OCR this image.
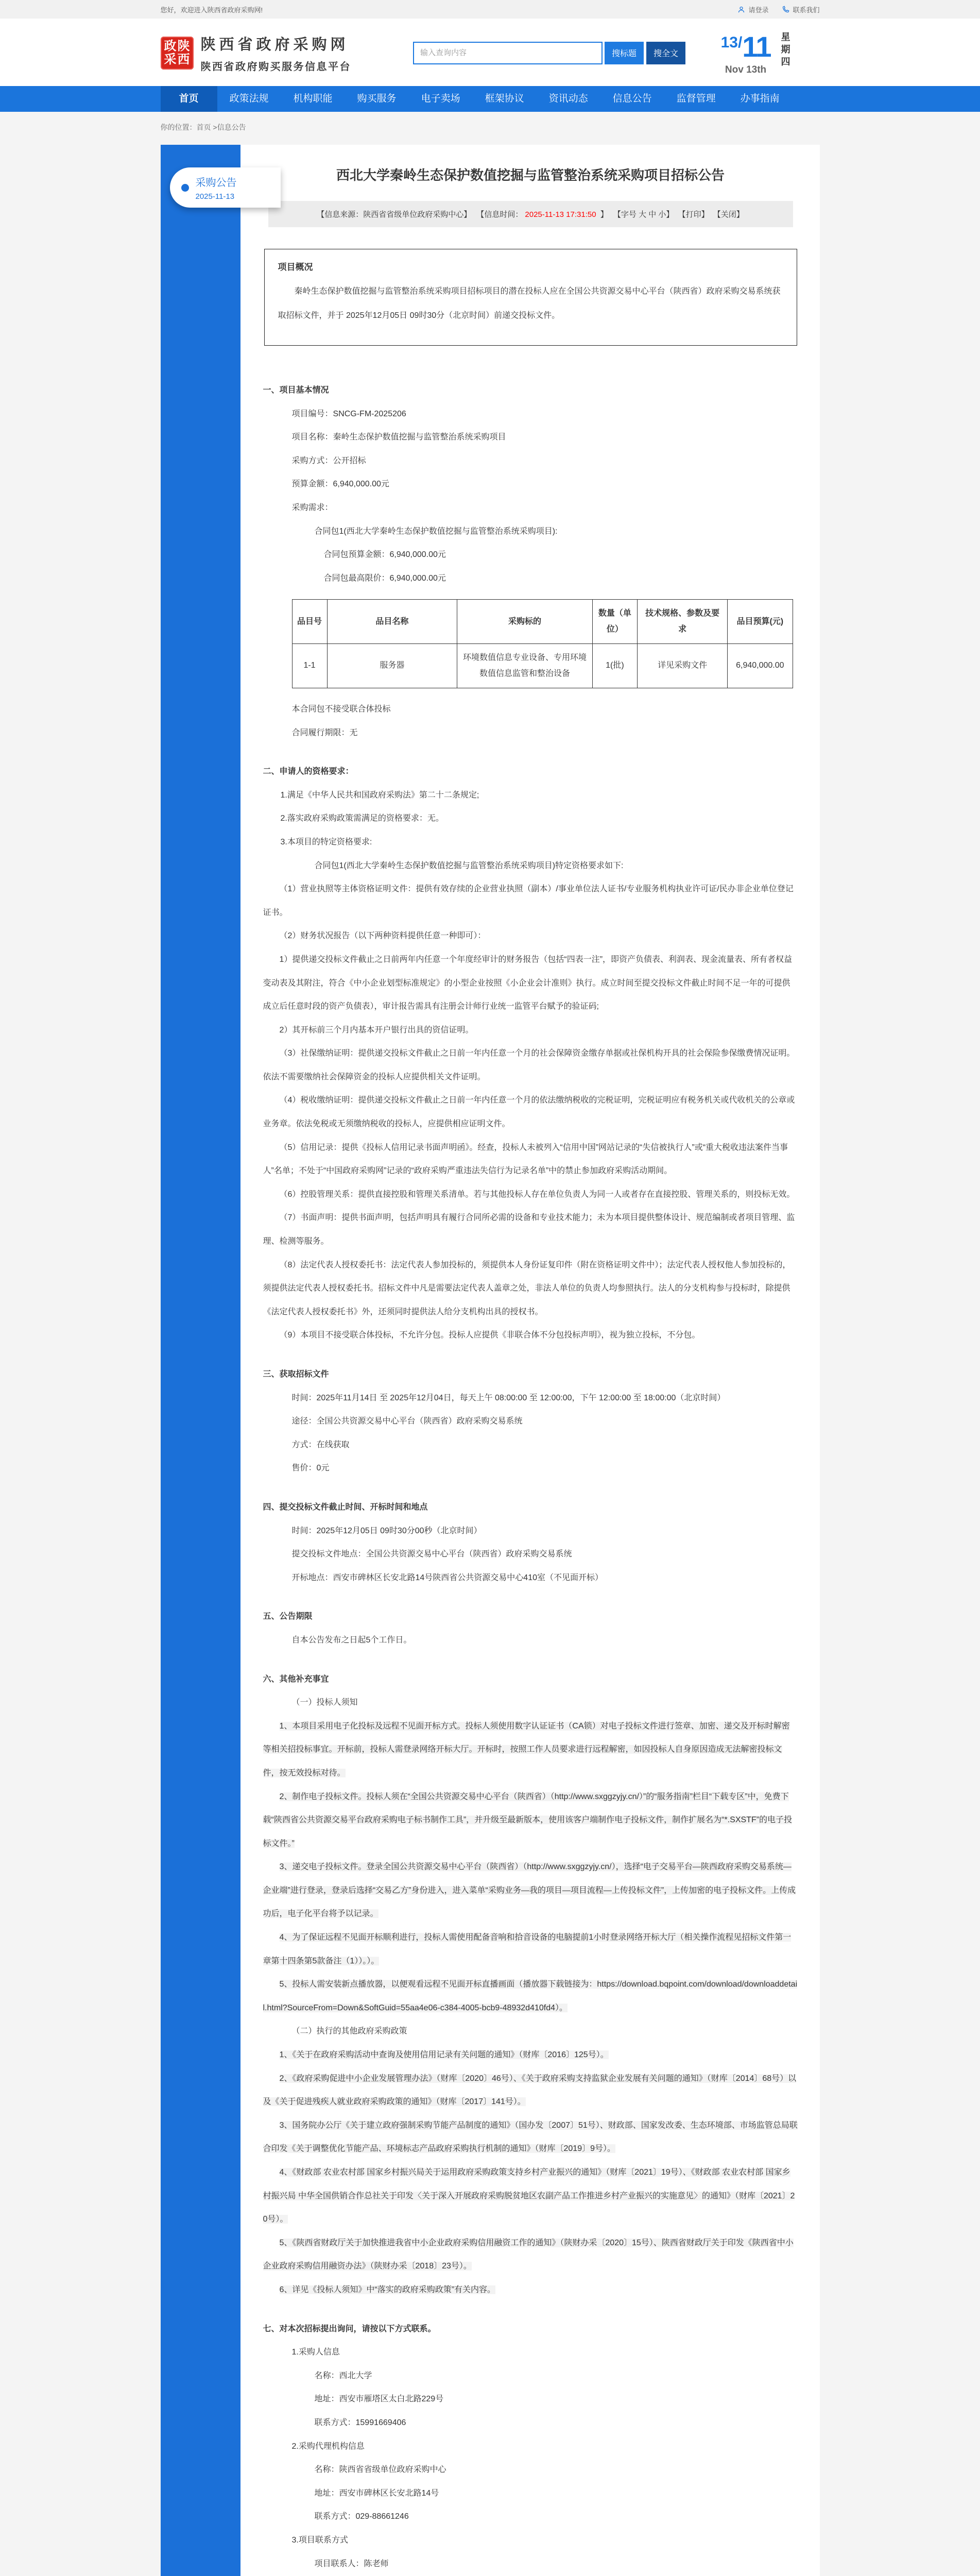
您好，欢迎进入陕西省政府采购网!	请登录	联系我们
政 陕
采 西
陕西省政府采购网
陕西省政府购买服务信息平台
输入查询内容
搜标题	搜全文
13/11
Nov 13th
星期四
首页	政策法规	机构职能	购买服务	电子卖场	框架协议	资讯动态	信息公告	监督管理	办事指南
你的位置：首页 >信息公告
采购公告
2025-11-13
西北大学秦岭生态保护数值挖掘与监管整治系统采购项目招标公告
【信息来源：陕西省省级单位政府采购中心】 【信息时间： 2025-11-13 17:31:50 】 【字号 大 中 小】 【打印】 【关闭】
项目概况

秦岭生态保护数值挖掘与监管整治系统采购项目招标项目的潜在投标人应在全国公共资源交易中心平台（陕西省）政府采购交易系统获取招标文件，并于 2025年12月05日 09时30分（北京时间）前递交投标文件。

一、项目基本情况

项目编号：SNCG-FM-2025206

项目名称：秦岭生态保护数值挖掘与监管整治系统采购项目

采购方式：公开招标

预算金额：6,940,000.00元

采购需求：

合同包1(西北大学秦岭生态保护数值挖掘与监管整治系统采购项目):

合同包预算金额：6,940,000.00元

合同包最高限价：6,940,000.00元

品目号	品目名称	采购标的	数量（单位）	技术规格、参数及要求	品目预算(元)
1-1	服务器	环境数值信息专业设备、专用环境数值信息监管和整治设备	1(批)	详见采购文件	6,940,000.00

本合同包不接受联合体投标

合同履行期限：无

二、申请人的资格要求：

1.满足《中华人民共和国政府采购法》第二十二条规定;

2.落实政府采购政策需满足的资格要求：无。

3.本项目的特定资格要求:

合同包1(西北大学秦岭生态保护数值挖掘与监管整治系统采购项目)特定资格要求如下:

（1）营业执照等主体资格证明文件：提供有效存续的企业营业执照（副本）/事业单位法人证书/专业服务机构执业许可证/民办非企业单位登记证书。

（2）财务状况报告（以下两种资料提供任意一种即可）：

1）提供递交投标文件截止之日前两年内任意一个年度经审计的财务报告（包括“四表一注”，即资产负债表、利润表、现金流量表、所有者权益变动表及其附注，符合《中小企业划型标准规定》的小型企业按照《小企业会计准则》执行。成立时间至提交投标文件截止时间不足一年的可提供成立后任意时段的资产负债表），审计报告需具有注册会计师行业统一监管平台赋予的验证码;

2）其开标前三个月内基本开户银行出具的资信证明。

（3）社保缴纳证明：提供递交投标文件截止之日前一年内任意一个月的社会保障资金缴存单据或社保机构开具的社会保险参保缴费情况证明。依法不需要缴纳社会保障资金的投标人应提供相关文件证明。

（4）税收缴纳证明：提供递交投标文件截止之日前一年内任意一个月的依法缴纳税收的完税证明，完税证明应有税务机关或代收机关的公章或业务章。依法免税或无须缴纳税收的投标人，应提供相应证明文件。

（5）信用记录：提供《投标人信用记录书面声明函》。经查，投标人未被列入“信用中国”网站记录的“失信被执行人”或“重大税收违法案件当事人”名单；不处于“中国政府采购网”记录的“政府采购严重违法失信行为记录名单”中的禁止参加政府采购活动期间。

（6）控股管理关系：提供直接控股和管理关系清单。若与其他投标人存在单位负责人为同一人或者存在直接控股、管理关系的，则投标无效。

（7）书面声明：提供书面声明，包括声明具有履行合同所必需的设备和专业技术能力；未为本项目提供整体设计、规范编制或者项目管理、监理、检测等服务。

（8）法定代表人授权委托书：法定代表人参加投标的，须提供本人身份证复印件（附在资格证明文件中）；法定代表人授权他人参加投标的，须提供法定代表人授权委托书。招标文件中凡是需要法定代表人盖章之处，非法人单位的负责人均参照执行。法人的分支机构参与投标时，除提供《法定代表人授权委托书》外，还须同时提供法人给分支机构出具的授权书。

（9）本项目不接受联合体投标，不允许分包。投标人应提供《非联合体不分包投标声明》，视为独立投标，不分包。

三、获取招标文件

时间：2025年11月14日 至 2025年12月04日，每天上午 08:00:00 至 12:00:00，下午 12:00:00 至 18:00:00（北京时间）

途径：全国公共资源交易中心平台（陕西省）政府采购交易系统

方式：在线获取

售价：0元

四、提交投标文件截止时间、开标时间和地点

时间：2025年12月05日 09时30分00秒（北京时间）

提交投标文件地点：全国公共资源交易中心平台（陕西省）政府采购交易系统

开标地点：西安市碑林区长安北路14号陕西省公共资源交易中心410室（不见面开标）

五、公告期限

自本公告发布之日起5个工作日。

六、其他补充事宜

（一）投标人须知

1、本项目采用电子化投标及远程不见面开标方式。投标人须使用数字认证证书（CA锁）对电子投标文件进行签章、加密、递交及开标时解密等相关招投标事宜。开标前，投标人需登录网络开标大厅。开标时，按照工作人员要求进行远程解密，如因投标人自身原因造成无法解密投标文件，按无效投标对待。

2、制作电子投标文件。投标人须在“全国公共资源交易中心平台（陕西省）（http://www.sxggzyjy.cn/）”的“服务指南”栏目“下载专区”中，免费下载“陕西省公共资源交易平台政府采购电子标书制作工具”，并升级至最新版本，使用该客户端制作电子投标文件，制作扩展名为“*.SXSTF”的电子投标文件。”

3、递交电子投标文件。登录全国公共资源交易中心平台（陕西省）（http://www.sxggzyjy.cn/），选择“电子交易平台—陕西政府采购交易系统—企业端”进行登录，登录后选择“交易乙方”身份进入，进入菜单“采购业务—我的项目—项目流程—上传投标文件”，上传加密的电子投标文件。上传成功后，电子化平台将予以记录。

4、为了保证远程不见面开标顺利进行，投标人需使用配备音响和拾音设备的电脑提前1小时登录网络开标大厅（相关操作流程见招标文件第一章第十四条第5款备注（1））。）。

5、投标人需安装新点播放器，以便观看远程不见面开标直播画面（播放器下载链接为：https://download.bqpoint.com/download/downloaddetail.html?SourceFrom=Down&SoftGuid=55aa4e06-c384-4005-bcb9-48932d410fd4）。

（二）执行的其他政府采购政策

1、《关于在政府采购活动中查询及使用信用记录有关问题的通知》（财库〔2016〕125号）。

2、《政府采购促进中小企业发展管理办法》（财库〔2020〕46号）、《关于政府采购支持监狱企业发展有关问题的通知》（财库〔2014〕68号）以及《关于促进残疾人就业政府采购政策的通知》（财库〔2017〕141号）。

3、国务院办公厅《关于建立政府强制采购节能产品制度的通知》（国办发〔2007〕51号）、财政部、国家发改委、生态环境部、市场监管总局联合印发《关于调整优化节能产品、环境标志产品政府采购执行机制的通知》（财库〔2019〕9号）。

4、《财政部 农业农村部 国家乡村振兴局关于运用政府采购政策支持乡村产业振兴的通知》（财库〔2021〕19号）、《财政部 农业农村部 国家乡村振兴局 中华全国供销合作总社关于印发〈关于深入开展政府采购脱贫地区农副产品工作推进乡村产业振兴的实施意见〉的通知》（财库〔2021〕20号）。

5、《陕西省财政厅关于加快推进我省中小企业政府采购信用融资工作的通知》（陕财办采〔2020〕15号）、陕西省财政厅关于印发《陕西省中小企业政府采购信用融资办法》（陕财办采〔2018〕23号）。

6、详见《投标人须知》中“落实的政府采购政策”有关内容。

七、对本次招标提出询问，请按以下方式联系。

1.采购人信息

名称：西北大学

地址：西安市雁塔区太白北路229号

联系方式：15991669406

2.采购代理机构信息

名称：陕西省省级单位政府采购中心

地址：西安市碑林区长安北路14号

联系方式：029-88661246

3.项目联系方式

项目联系人：陈老师
